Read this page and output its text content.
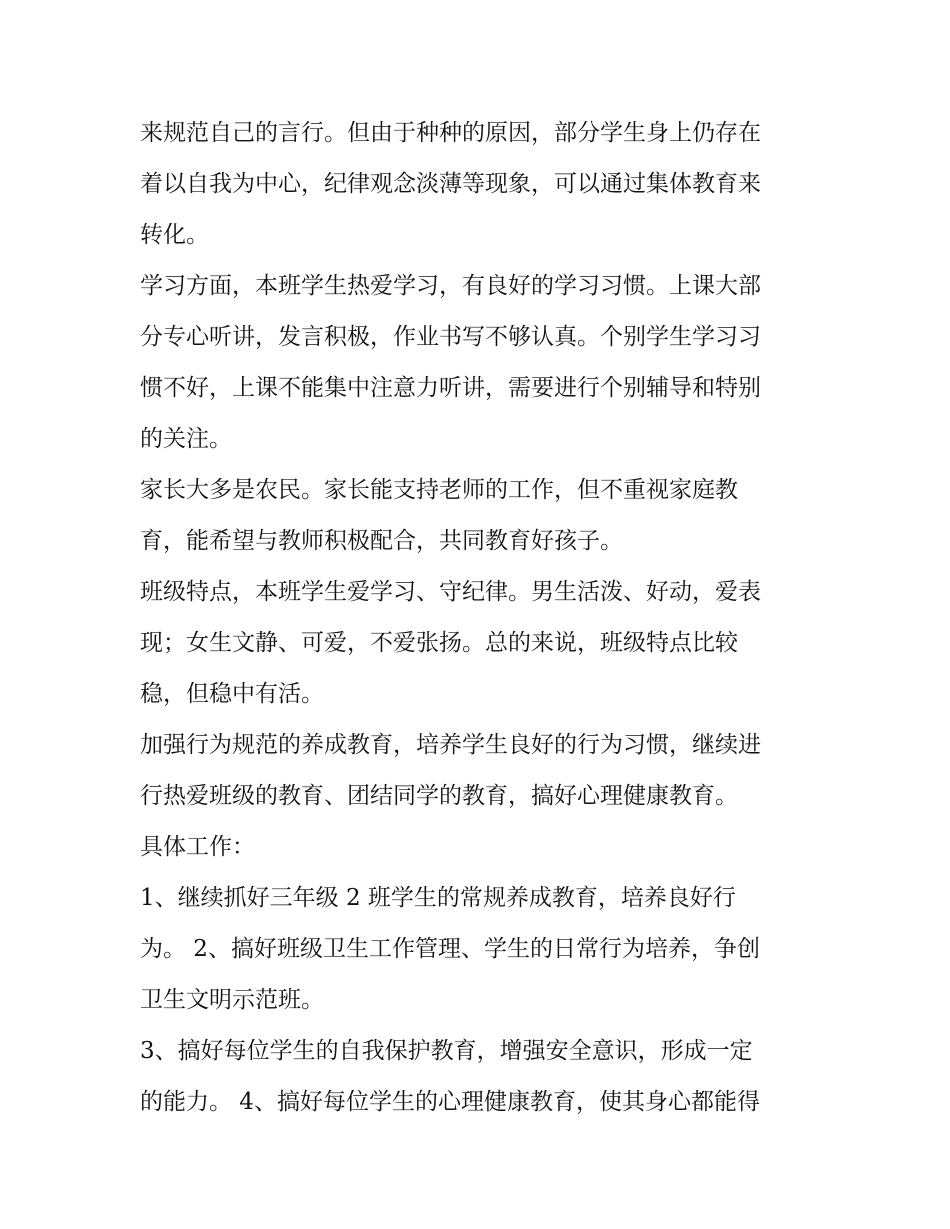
来规范自己的言行。但由于种种的原因，部分学生身上仍存在
着以自我为中心，纪律观念淡薄等现象，可以通过集体教育来
转化。
学习方面，本班学生热爱学习，有良好的学习习惯。上课大部
分专心听讲，发言积极，作业书写不够认真。个别学生学习习
惯不好，上课不能集中注意力听讲，需要进行个别辅导和特别
的关注。
家长大多是农民。家长能支持老师的工作，但不重视家庭教
育，能希望与教师积极配合，共同教育好孩子。
班级特点，本班学生爱学习、守纪律。男生活泼、好动，爱表
现；女生文静、可爱，不爱张扬。总的来说，班级特点比较
稳，但稳中有活。
加强行为规范的养成教育，培养学生良好的行为习惯，继续进
行热爱班级的教育、团结同学的教育，搞好心理健康教育。
具体工作：
1、继续抓好三年级 2 班学生的常规养成教育，培养良好行
为。 2、搞好班级卫生工作管理、学生的日常行为培养，争创
卫生文明示范班。
3、搞好每位学生的自我保护教育，增强安全意识，形成一定
的能力。 4、搞好每位学生的心理健康教育，使其身心都能得
